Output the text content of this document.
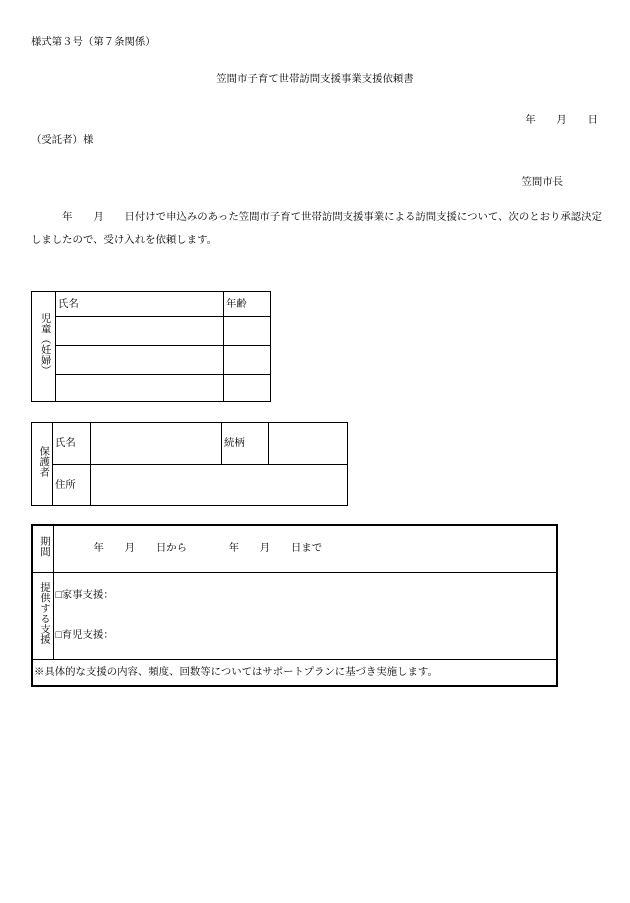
様式第３号（第７条関係）
笠間市子育て世帯訪問支援事業支援依頼書
年　　月　　日
（受託者）様
笠間市長
　　　年　　月　　日付けで申込みのあった笠間市子育て世帯訪問支援事業による訪問支援について、次のとおり承認決定
しましたので、受け入れを依頼します。
児童（妊婦）	氏名	年齢

保護者	氏名		続柄	
	住所			
期間	年　　月　　日から　　　　年　　月　　日まで
提供する支援	□家事支援：
□育児支援：

※具体的な支援の内容、頻度、回数等についてはサポートプランに基づき実施します。	
